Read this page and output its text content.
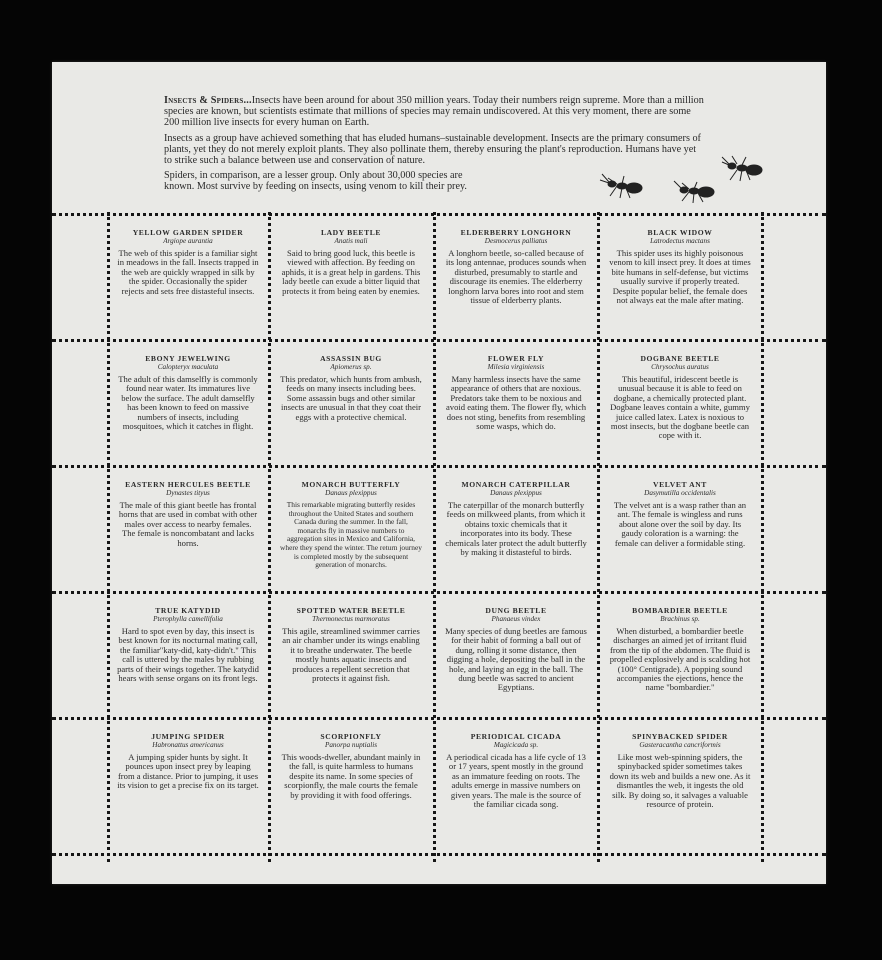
Insects & Spiders...Insects have been around for about 350 million years. Today their numbers reign supreme. More than a million species are known, but scientists estimate that millions of species may remain undiscovered. At this very moment, there are some 200 million live insects for every human on Earth.

Insects as a group have achieved something that has eluded humans–sustainable development. Insects are the primary consumers of plants, yet they do not merely exploit plants. They also pollinate them, thereby ensuring the plant's reproduction. Humans have yet to strike such a balance between use and conservation of nature.

Spiders, in comparison, are a lesser group. Only about 30,000 species are known. Most survive by feeding on insects, using venom to kill their prey.

YELLOW GARDEN SPIDER
Argiope aurantia
The web of this spider is a familiar sight in meadows in the fall. Insects trapped in the web are quickly wrapped in silk by the spider. Occasionally the spider rejects and sets free distasteful insects.
LADY BEETLE
Anatis mali
Said to bring good luck, this beetle is viewed with affection. By feeding on aphids, it is a great help in gardens. This lady beetle can exude a bitter liquid that protects it from being eaten by enemies.
ELDERBERRY LONGHORN
Desmocerus palliatus
A longhorn beetle, so-called because of its long antennae, produces sounds when disturbed, presumably to startle and discourage its enemies. The elderberry longhorn larva bores into root and stem tissue of elderberry plants.
BLACK WIDOW
Latrodectus mactans
This spider uses its highly poisonous venom to kill insect prey. It does at times bite humans in self-defense, but victims usually survive if properly treated. Despite popular belief, the female does not always eat the male after mating.
EBONY JEWELWING
Calopteryx maculata
The adult of this damselfly is commonly found near water. Its immatures live below the surface. The adult damselfly has been known to feed on massive numbers of insects, including mosquitoes, which it catches in flight.
ASSASSIN BUG
Apiomerus sp.
This predator, which hunts from ambush, feeds on many insects including bees. Some assassin bugs and other similar insects are unusual in that they coat their eggs with a protective chemical.
FLOWER FLY
Milesia virginiensis
Many harmless insects have the same appearance of others that are noxious. Predators take them to be noxious and avoid eating them. The flower fly, which does not sting, benefits from resembling some wasps, which do.
DOGBANE BEETLE
Chrysochus auratus
This beautiful, iridescent beetle is unusual because it is able to feed on dogbane, a chemically protected plant. Dogbane leaves contain a white, gummy juice called latex. Latex is noxious to most insects, but the dogbane beetle can cope with it.
EASTERN HERCULES BEETLE
Dynastes tityus
The male of this giant beetle has frontal horns that are used in combat with other males over access to nearby females. The female is noncombatant and lacks horns.
MONARCH BUTTERFLY
Danaus plexippus
This remarkable migrating butterfly resides throughout the United States and southern Canada during the summer. In the fall, monarchs fly in massive numbers to aggregation sites in Mexico and California, where they spend the winter. The return journey is completed mostly by the subsequent generation of monarchs.
MONARCH CATERPILLAR
Danaus plexippus
The caterpillar of the monarch butterfly feeds on milkweed plants, from which it obtains toxic chemicals that it incorporates into its body. These chemicals later protect the adult butterfly by making it distasteful to birds.
VELVET ANT
Dasymutilla occidentalis
The velvet ant is a wasp rather than an ant. The female is wingless and runs about alone over the soil by day. Its gaudy coloration is a warning: the female can deliver a formidable sting.
TRUE KATYDID
Pterophylla camellifolia
Hard to spot even by day, this insect is best known for its nocturnal mating call, the familiar"katy-did, katy-didn't." This call is uttered by the males by rubbing parts of their wings together. The katydid hears with sense organs on its front legs.
SPOTTED WATER BEETLE
Thermonectus marmoratus
This agile, streamlined swimmer carries an air chamber under its wings enabling it to breathe underwater. The beetle mostly hunts aquatic insects and produces a repellent secretion that protects it against fish.
DUNG BEETLE
Phanaeus vindex
Many species of dung beetles are famous for their habit of forming a ball out of dung, rolling it some distance, then digging a hole, depositing the ball in the hole, and laying an egg in the ball. The dung beetle was sacred to ancient Egyptians.
BOMBARDIER BEETLE
Brachinus sp.
When disturbed, a bombardier beetle discharges an aimed jet of irritant fluid from the tip of the abdomen. The fluid is propelled explosively and is scalding hot (100° Centigrade). A popping sound accompanies the ejections, hence the name "bombardier."
JUMPING SPIDER
Habronattus americanus
A jumping spider hunts by sight. It pounces upon insect prey by leaping from a distance. Prior to jumping, it uses its vision to get a precise fix on its target.
SCORPIONFLY
Panorpa nuptialis
This woods-dweller, abundant mainly in the fall, is quite harmless to humans despite its name. In some species of scorpionfly, the male courts the female by providing it with food offerings.
PERIODICAL CICADA
Magicicada sp.
A periodical cicada has a life cycle of 13 or 17 years, spent mostly in the ground as an immature feeding on roots. The adults emerge in massive numbers on given years. The male is the source of the familiar cicada song.
SPINYBACKED SPIDER
Gasteracantha cancriformis
Like most web-spinning spiders, the spinybacked spider sometimes takes down its web and builds a new one. As it dismantles the web, it ingests the old silk. By doing so, it salvages a valuable resource of protein.
